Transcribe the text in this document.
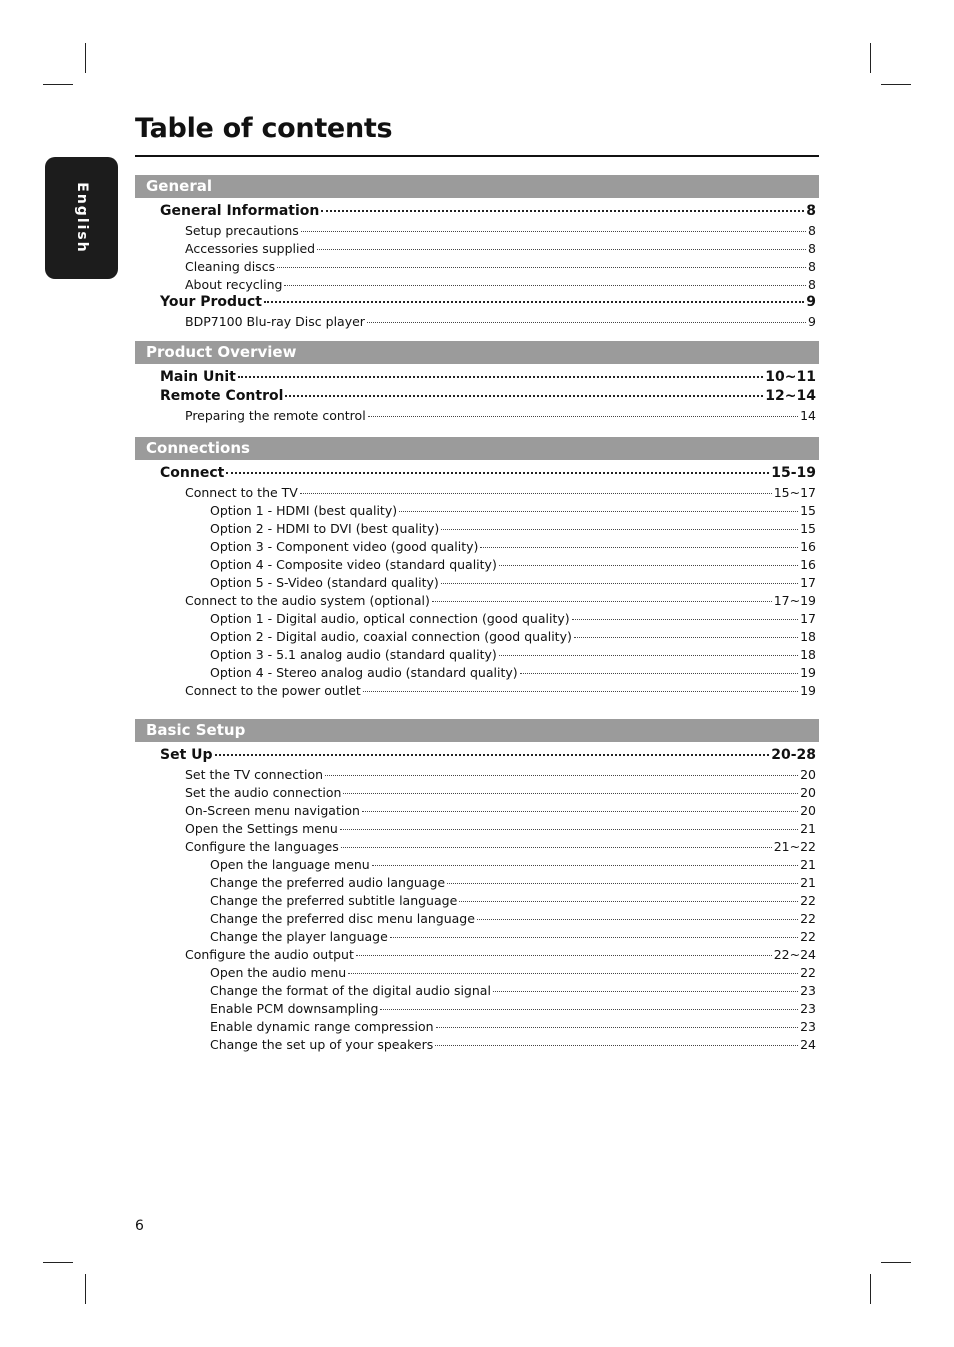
English
Table of contents
General
General Information	8
Setup precautions	8
Accessories supplied	8
Cleaning discs	8
About recycling	8
Your Product	9
BDP7100 Blu-ray Disc player	9
Product Overview
Main Unit	10~11
Remote Control	12~14
Preparing the remote control	14
Connections
Connect	15-19
Connect to the TV	15~17
Option 1 - HDMI (best quality)	15
Option 2 - HDMI to DVI (best quality)	15
Option 3 - Component video (good quality)	16
Option 4 - Composite video (standard quality)	16
Option 5 - S-Video (standard quality)	17
Connect to the audio system (optional)	17~19
Option 1 - Digital audio, optical connection (good quality)	17
Option 2 - Digital audio, coaxial connection (good quality)	18
Option 3 - 5.1 analog audio (standard quality)	18
Option 4 - Stereo analog audio (standard quality)	19
Connect to the power outlet	19
Basic Setup
Set Up	20-28
Set the TV connection	20
Set the audio connection	20
On-Screen menu navigation	20
Open the Settings menu	21
Configure the languages	21~22
Open the language menu	21
Change the preferred audio language	21
Change the preferred subtitle language	22
Change the preferred disc menu language	22
Change the player language	22
Configure the audio output	22~24
Open the audio menu	22
Change the format of the digital audio signal	23
Enable PCM downsampling	23
Enable dynamic range compression	23
Change the set up of your speakers	24
6
